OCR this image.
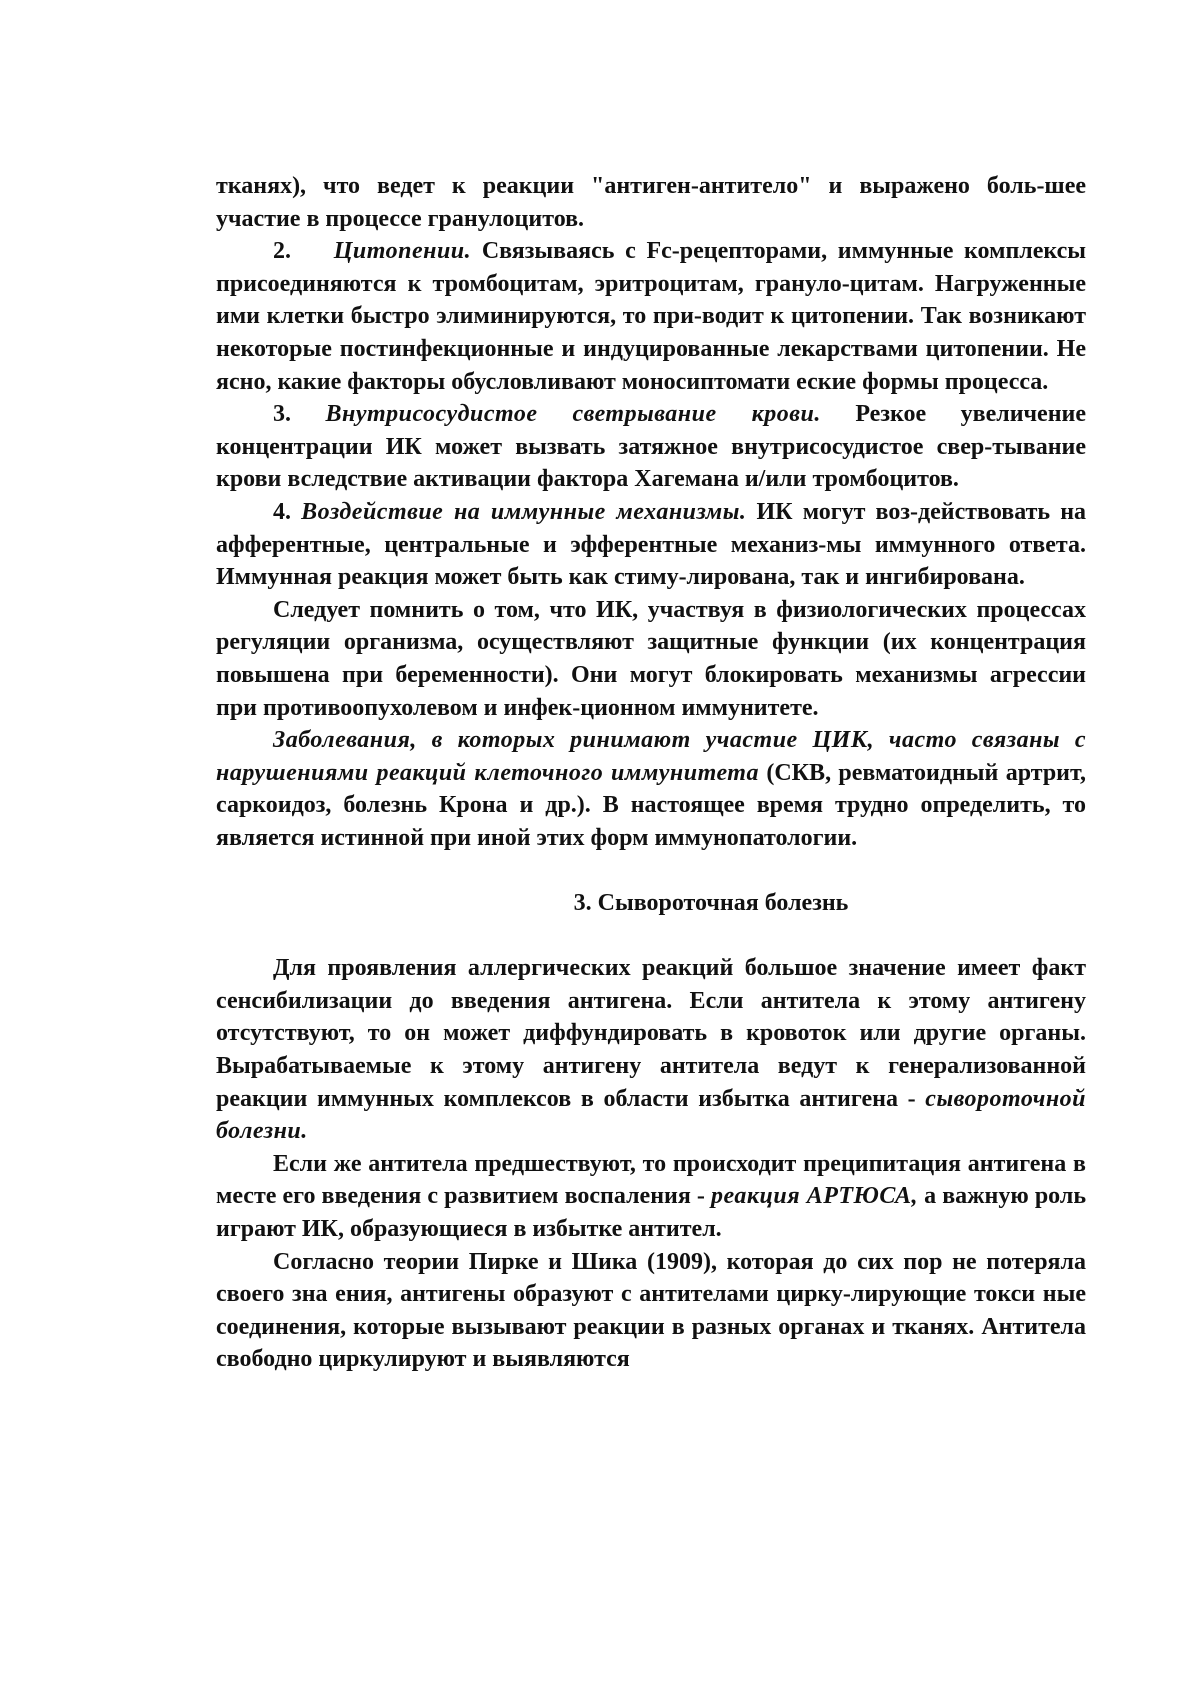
тканях), что ведет к реакции "антиген-антитело" и выражено боль-шее участие в процессе гранулоцитов.

2. Цитопении. Связываясь с Fc-рецепторами, иммунные комплексы присоединяются к тромбоцитам, эритроцитам, грануло-цитам. Нагруженные ими клетки быстро элиминируются, то при-водит к цитопении. Так возникают некоторые постинфекционные и индуцированные лекарствами цитопении. Не ясно, какие факторы обусловливают моносиптомати еские формы процесса.

3. Внутрисосудистое светрывание крови. Резкое увеличение концентрации ИК может вызвать затяжное внутрисосудистое свер-тывание крови вследствие активации фактора Хагемана и/или тромбоцитов.

4. Воздействие на иммунные механизмы. ИК могут воз-действовать на афферентные, центральные и эфферентные механиз-мы иммунного ответа. Иммунная реакция может быть как стиму-лирована, так и ингибирована.

Следует помнить о том, что ИК, участвуя в физиологических процессах регуляции организма, осуществляют защитные функции (их концентрация повышена при беременности). Они могут блокировать механизмы агрессии при противоопухолевом и инфек-ционном иммунитете.

Заболевания, в которых ринимают участие ЦИК, часто связаны с нарушениями реакций клеточного иммунитета (СКВ, ревматоидный артрит, саркоидоз, болезнь Крона и др.). В настоящее время трудно определить, то является истинной при иной этих форм иммунопатологии.

3. Сывороточная болезнь

Для проявления аллергических реакций большое значение имеет факт сенсибилизации до введения антигена. Если антитела к этому антигену отсутствуют, то он может диффундировать в кровоток или другие органы. Вырабатываемые к этому антигену антитела ведут к генерализованной реакции иммунных комплексов в области избытка антигена - сывороточной болезни.

Если же антитела предшествуют, то происходит преципитация антигена в месте его введения с развитием воспаления - реакция АРТЮСА, а важную роль играют ИК, образующиеся в избытке антител.

Согласно теории Пирке и Шика (1909), которая до сих пор не потеряла своего зна ения, антигены образуют с антителами цирку-лирующие токси ные соединения, которые вызывают реакции в разных органах и тканях. Антитела свободно циркулируют и выявляются
